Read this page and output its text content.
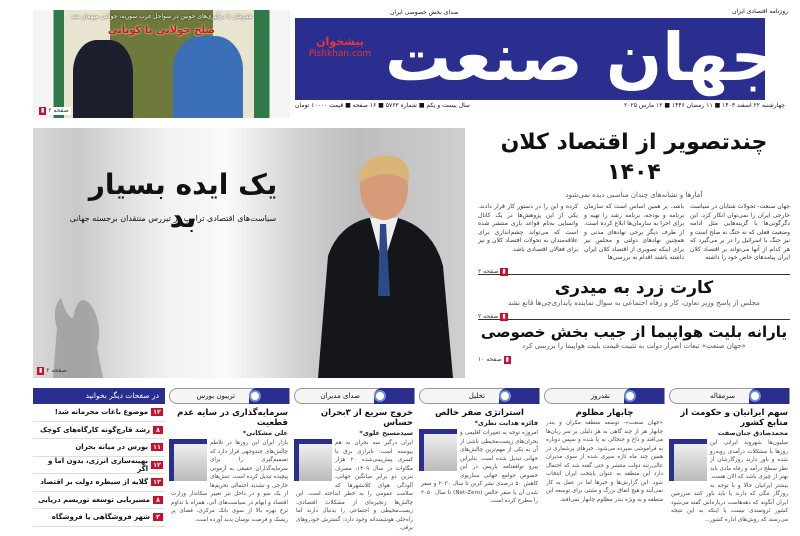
همزمان با درگیری‌های خونین در سواحل غرب سوریه، جولانی میهمان شد
صلح جولانی با کوبانی
▮ صفحه ۲
روزنامه اقتصادی ایران
صدای بخش خصوصی ایران
جهان صنعت
پیشخوان
Pishkhan.com
سال بیست و یکم ■ شماره ۵۷۶۳ ■ ۱۶ صفحه ■ قیمت ۱۰۰۰۰ تومان	چهارشنبه ۲۲ اسفند ۱۴۰۳ ■ ۱۱ رمضان ۱۴۴۶ ■ ۱۲ مارس ۲۰۲۵
یک ایده بسیار بد
سیاست‌های اقتصادی ترامپ در تیررس منتقدان برجسته جهانی
▮ صفحه ۲
چندتصویر از اقتصاد کلان ۱۴۰۴
آمارها و نشانه‌های چندان مناسبی دیده نمی‌شود
جهان صنعت- تحولات شتابان در سیاست خارجی ایران را نمی‌توان انکار کرد. این دگرگونی‌ها با گزینه‌هایی مثل ادامه وضعیت فعلی که نه جنگ نه صلح است و نیز جنگ با اسرائیل را در بر می‌گیرد که هر کدام از آنها می‌تواند بر اقتصاد کلان ایران پیامدهای خاص خود را داشته
باشد. بر همین اساس است که سازمان برنامه و بودجه، برنامه رشد را تهیه و برای اجرا به سازمان‌ها ابلاغ کرده است. از طرف دیگر برخی نهادهای مدنی و همچنین نهادهای دولتی و مجلس نیز برای اینکه تصویری از اقتصاد کلان ایران داشته باشند اقدام به بررسی‌ها
کرده و این را در دستور کار قرار دادند. یکی از این پژوهش‌ها در یک کانال واتساپی به‌نام قواعد بازی منتشر شده است که می‌تواند چشم‌اندازی برای علاقه‌مندان به تحولات اقتصاد کلان و نیز برای فعالان اقتصادی باشد.
▮
صفحه ۲
کارت زرد به میدری
مجلس از پاسخ وزیر تعاون، کار و رفاه اجتماعی به سوال نماینده پایداری‌چی‌ها قانع نشد
▮
صفحه ۲
یارانه بلیت هواپیما از جیب بخش خصوصی
«جهان صنعت» تبعات اصرار دولت به تثبیت قیمت بلیت هواپیما را بررسی کرد
▮
صفحه ۱۰
سرمقاله
سهم ایرانیان و حکومت از منابع کشور
محمدصادق جنان‌صفت
میلیون‌ها شهروند ایرانی این روزها با مشکلات درآمدی روبه‌رو شده و باور دارند روزگارشان از نظر سطح درآمد و رفاه مادی باید بهتر از چیزی باشد که الان هست. بیشتر ایرانیان حالا و با توجه به روزگار تنگی که دارند یا باید باور کنند سرزمین ایران آنگونه که دهه‌هاست دربار‌ه‌اش گفته می‌شود کشور ثروتمندی نیست یا اینکه به این نتیجه می‌رسند که روش‌های اداره کشور...
نقدروز
چابهار مظلوم
«جهان صنعت»- توسعه منطقه مکران و بندر چابهار هر از چند گاهی به هر دلیلی بر سر زبان‌ها می‌افتد و داغ و جنجالی به پا شده و سپس دوباره به فراموشی سپرده می‌شود. خبرهای پرشماری در همین چند ماه تازه سپری شده از سوی مدیران عالی‌رتبه دولت منتشر و حتی گفته شد که احتمال دارد این منطقه به عنوان پایتخت ایران انتخاب شود. این گزارش‌ها و خبرها اما در عمل به کار نمی‌آیند و هیچ اتفاق بزرگ و مثبتی برای توسعه این منطقه و به ویژه بندر مظلوم چابهار نمی‌افتد.
تحلیل
استراتژی صفر خالص
فائزه هدایت نظری*
امروزه توجه به تغییرات اقلیمی و بحران‌های زیست‌محیطی ناشی از آن به یکی از مهم‌ترین چالش‌های جهانی تبدیل شده است. بنابراین پیرو توافقنامه پاریس در این خصوص جوامع جهانی سناریوی کاهش ۵۰ درصدی نشر کربن تا سال ۲۰۳۰ و صفر شدن آن یا صفر خالص (Net-Zero) تا سال ۲۰۵۰ را مطرح کرده است.
صدای مدیران
خروج سریع از ۳بحران حساس
سیدمسیح علوی*
ایران درگیر سه بحران به هم پیوسته است: ناترازی برق با کسری پیش‌بینی‌شده ۲۰ هزار مگاوات در سال ۱۴۰۹، مصرف بنزین دو برابر میانگین جهانی، آلودگی هوای کلانشهرها که سلامت عمومی را به خطر انداخته است. این چالش‌ها زنجیره‌ای از مشکلات اقتصادی، زیست‌محیطی و اجتماعی را بدنبال دارند اما راه‌حلی هوشمندانه وجود دارد: گسترش خودروهای برقی.
تریبون بورس
سرمایه‌گذاری در سایه عدم قطعیت
علی مشکانی*
بازار ایران این روزها در تلاطم چالش‌های چندوجهی قرار دارد که تصمیم‌گیری را برای سرمایه‌گذاران حقیقی به آزمونی پیچیده تبدیل کرده است. تنش‌های خارجی و تشدید احتمالی تحریم‌ها از یک سو و در داخل نیز تغییر سکاندار وزارت اقتصاد و ابهام در سیاست‌های آتی، همراه با تداوم نرخ بهره بالا از سوی بانک مرکزی، فضای پر ریسک و فرصت نوسان پدید آورده است.
در صفحات دیگر بخوانید
۱۲
موضوع باغات محرمانه شد!
۸
رشد قارچ‌گونه کارگاه‌های کوچک
۱۱
بورس در میانه بحران
۱۲
بهینه‌سازی انرژی، بدون اما و اگر
۱۲
گلایه از سیطره دولت بر اقتصاد
۸
مسیریابی توسعه توریسم دریایی
۲
شهر فروشگاهی یا فروشگاه
